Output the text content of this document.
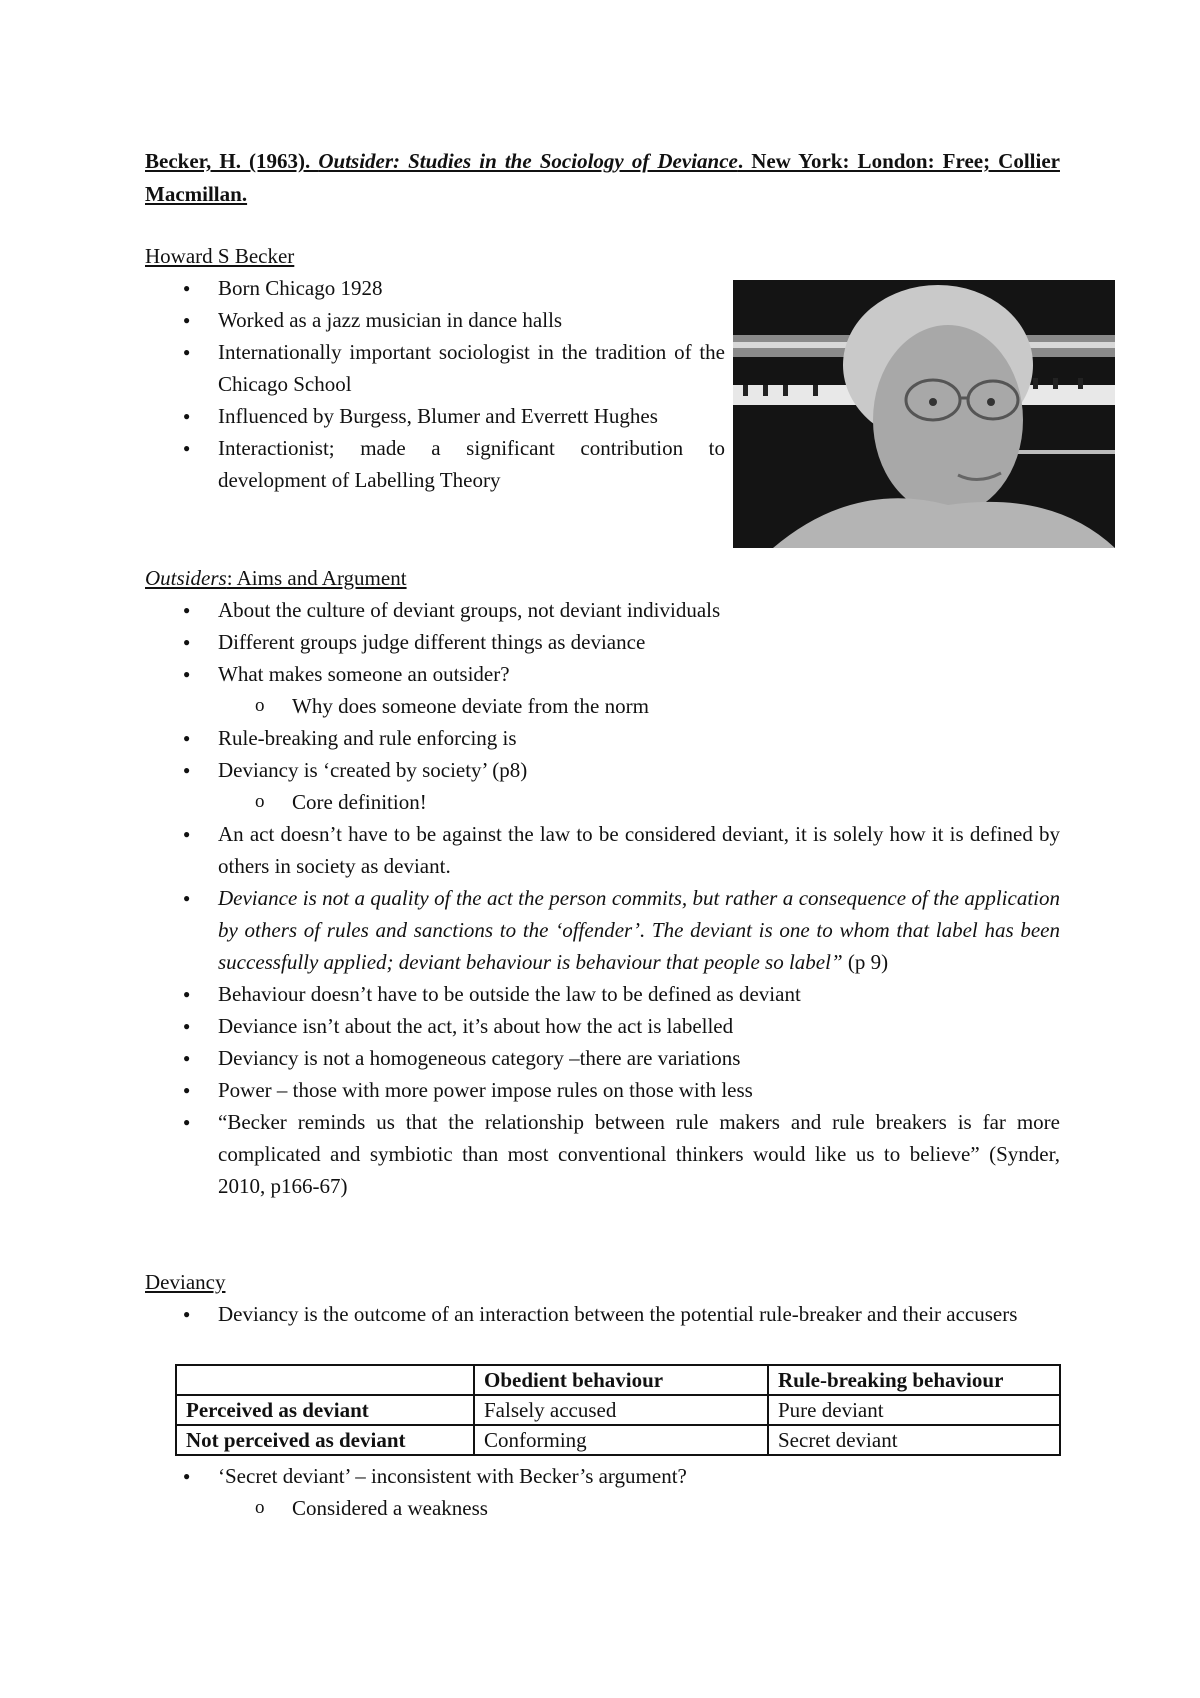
Becker, H. (1963). Outsider: Studies in the Sociology of Deviance. New York: London: Free; Collier Macmillan.
Howard S Becker
● Born Chicago 1928
● Worked as a jazz musician in dance halls
● Internationally important sociologist in the tradition of the Chicago School
● Influenced by Burgess, Blumer and Everrett Hughes
● Interactionist; made a significant contribution to development of Labelling Theory
Outsiders: Aims and Argument
● About the culture of deviant groups, not deviant individuals
● Different groups judge different things as deviance
● What makes someone an outsider?
o Why does someone deviate from the norm
● Rule-breaking and rule enforcing is
● Deviancy is ‘created by society’ (p8)
o Core definition!
● An act doesn’t have to be against the law to be considered deviant, it is solely how it is defined by others in society as deviant.
● Deviance is not a quality of the act the person commits, but rather a consequence of the application by others of rules and sanctions to the ‘offender’. The deviant is one to whom that label has been successfully applied; deviant behaviour is behaviour that people so label” (p 9)
● Behaviour doesn’t have to be outside the law to be defined as deviant
● Deviance isn’t about the act, it’s about how the act is labelled
● Deviancy is not a homogeneous category –there are variations
● Power – those with more power impose rules on those with less
● “Becker reminds us that the relationship between rule makers and rule breakers is far more complicated and symbiotic than most conventional thinkers would like us to believe” (Synder, 2010, p166-67)
Deviancy
● Deviancy is the outcome of an interaction between the potential rule-breaker and their accusers
	Obedient behaviour	Rule-breaking behaviour
Perceived as deviant	Falsely accused	Pure deviant
Not perceived as deviant	Conforming	Secret deviant
● ‘Secret deviant’ – inconsistent with Becker’s argument?
o Considered a weakness
